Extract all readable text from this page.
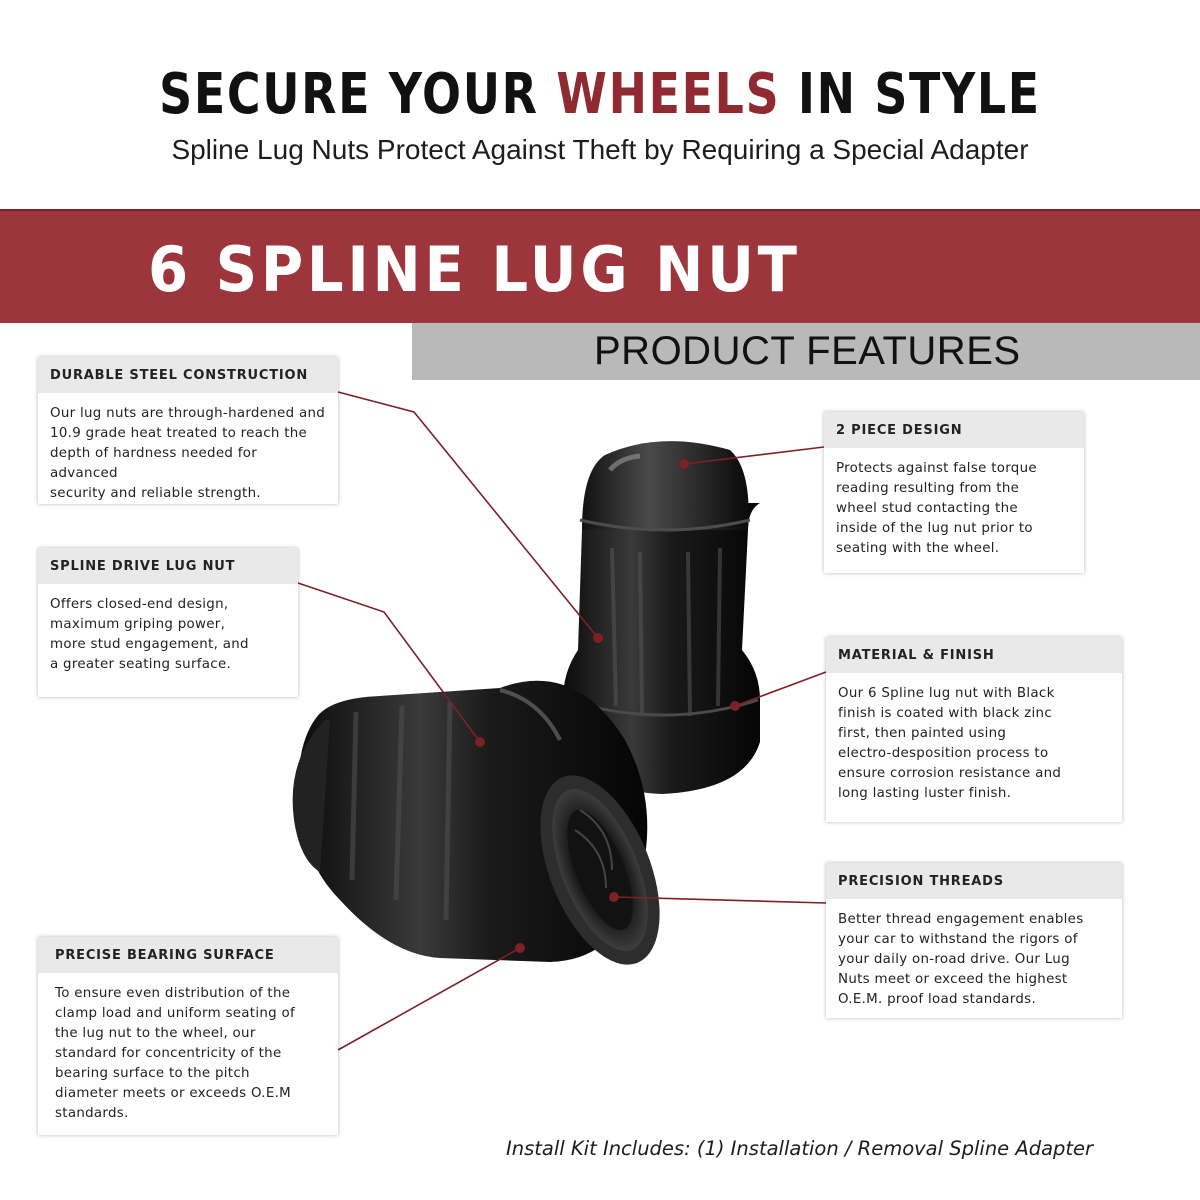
SECURE YOUR WHEELS IN STYLE
Spline Lug Nuts Protect Against Theft by Requiring a Special Adapter
6 SPLINE LUG NUT
PRODUCT FEATURES
DURABLE STEEL CONSTRUCTION
Our lug nuts are through-hardened and
10.9 grade heat treated to reach the
depth of hardness needed for advanced
security and reliable strength.
SPLINE DRIVE LUG NUT
Offers closed-end design,
maximum griping power,
more stud engagement, and
a greater seating surface.
PRECISE BEARING SURFACE
To ensure even distribution of the
clamp load and uniform seating of
the lug nut to the wheel, our
standard for concentricity of the
bearing surface to the pitch
diameter meets or exceeds O.E.M
standards.
2 PIECE DESIGN
Protects against false torque
reading resulting from the
wheel stud contacting the
inside of the lug nut prior to
seating with the wheel.
MATERIAL & FINISH
Our 6 Spline lug nut with Black
finish is coated with black zinc
first, then painted using
electro-desposition process to
ensure corrosion resistance and
long lasting luster finish.
PRECISION THREADS
Better thread engagement enables
your car to withstand the rigors of
your daily on-road drive. Our Lug
Nuts meet or exceed the highest
O.E.M. proof load standards.
Install Kit Includes: (1) Installation / Removal Spline Adapter
